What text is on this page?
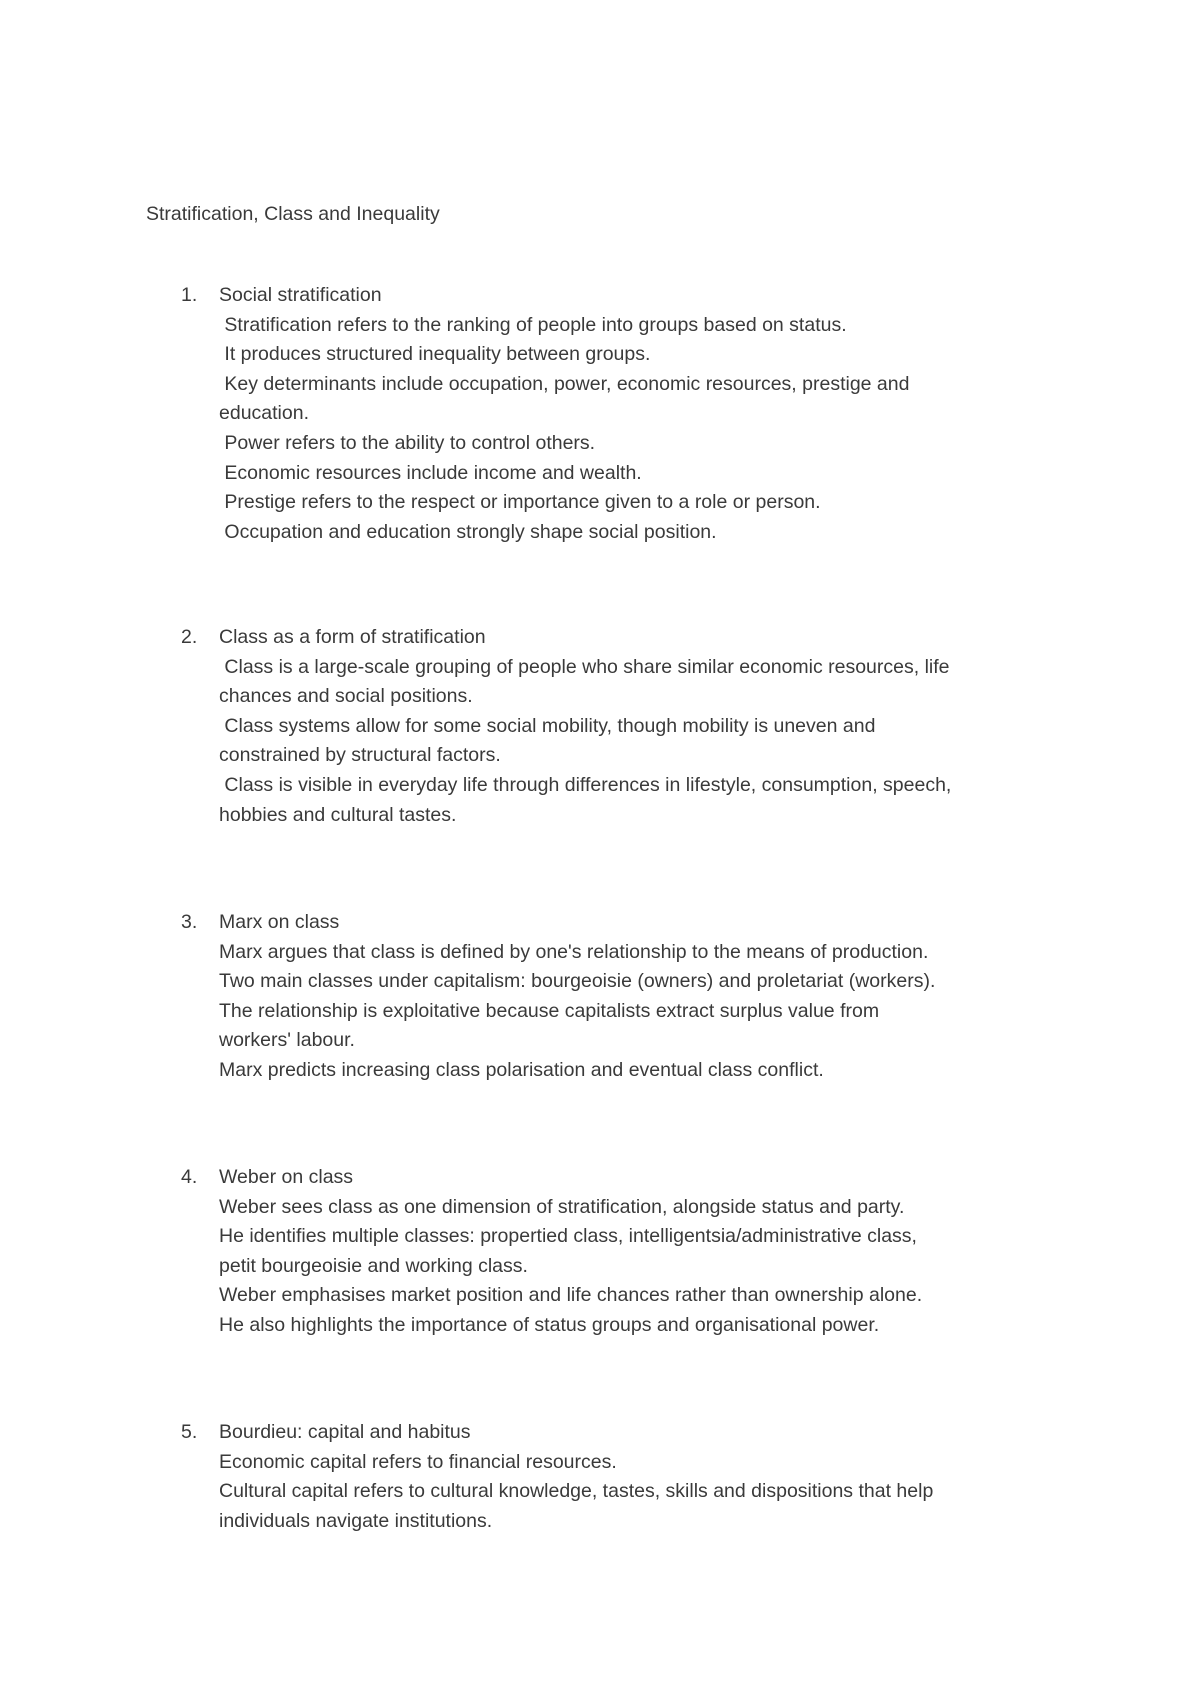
Stratification, Class and Inequality
1. Social stratification
Stratification refers to the ranking of people into groups based on status.
It produces structured inequality between groups.
Key determinants include occupation, power, economic resources, prestige and
education.
Power refers to the ability to control others.
Economic resources include income and wealth.
Prestige refers to the respect or importance given to a role or person.
Occupation and education strongly shape social position.
2. Class as a form of stratification
Class is a large-scale grouping of people who share similar economic resources, life
chances and social positions.
Class systems allow for some social mobility, though mobility is uneven and
constrained by structural factors.
Class is visible in everyday life through differences in lifestyle, consumption, speech,
hobbies and cultural tastes.
3. Marx on class
Marx argues that class is defined by one's relationship to the means of production.
Two main classes under capitalism: bourgeoisie (owners) and proletariat (workers).
The relationship is exploitative because capitalists extract surplus value from
workers' labour.
Marx predicts increasing class polarisation and eventual class conflict.
4. Weber on class
Weber sees class as one dimension of stratification, alongside status and party.
He identifies multiple classes: propertied class, intelligentsia/administrative class,
petit bourgeoisie and working class.
Weber emphasises market position and life chances rather than ownership alone.
He also highlights the importance of status groups and organisational power.
5. Bourdieu: capital and habitus
Economic capital refers to financial resources.
Cultural capital refers to cultural knowledge, tastes, skills and dispositions that help
individuals navigate institutions.
